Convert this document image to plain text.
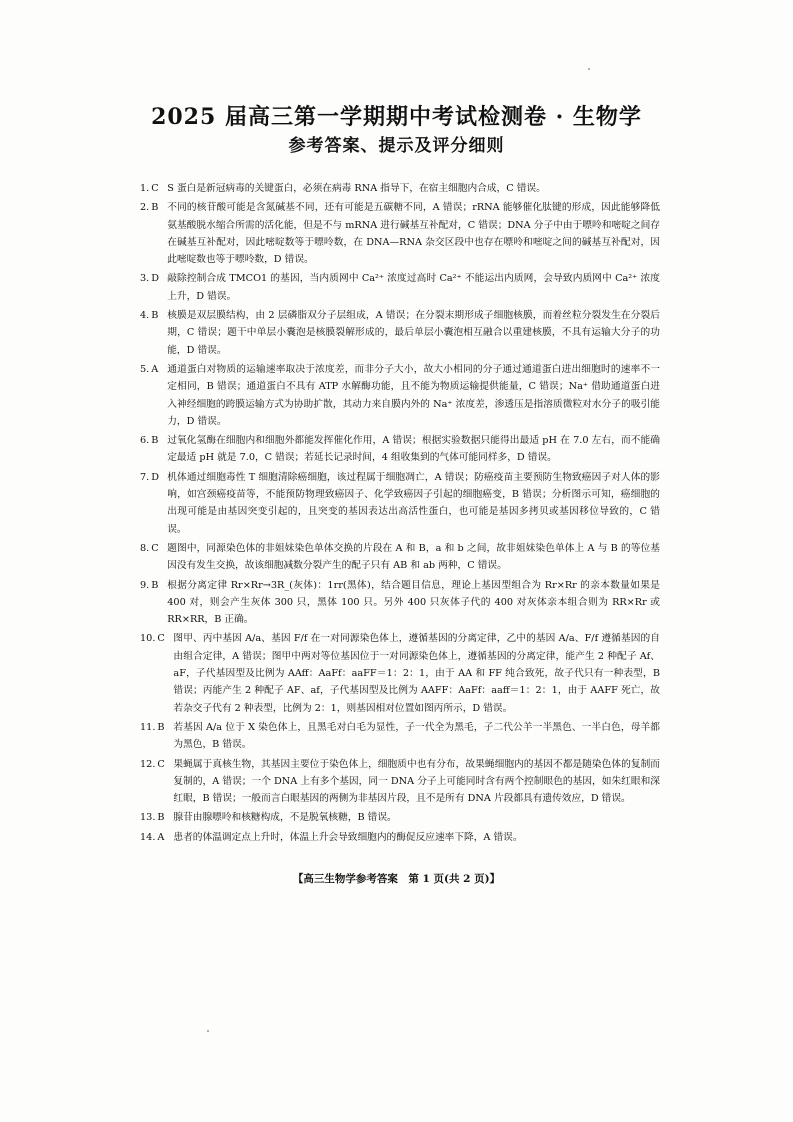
2025 届高三第一学期期中考试检测卷 · 生物学
参考答案、提示及评分细则
1. C S 蛋白是新冠病毒的关键蛋白，必须在病毒 RNA 指导下，在宿主细胞内合成，C 错误。
2. B 不同的核苷酸可能是含氮碱基不同，还有可能是五碳糖不同，A 错误；rRNA 能够催化肽键的形成，因此能够降低氨基酸脱水缩合所需的活化能，但是不与 mRNA 进行碱基互补配对，C 错误；DNA 分子中由于嘌呤和嘧啶之间存在碱基互补配对，因此嘧啶数等于嘌呤数，在 DNA—RNA 杂交区段中也存在嘌呤和嘧啶之间的碱基互补配对，因此嘧啶数也等于嘌呤数，D 错误。
3. D 敲除控制合成 TMCO1 的基因，当内质网中 Ca²⁺ 浓度过高时 Ca²⁺ 不能运出内质网，会导致内质网中 Ca²⁺ 浓度上升，D 错误。
4. B 核膜是双层膜结构，由 2 层磷脂双分子层组成，A 错误；在分裂末期形成子细胞核膜，而着丝粒分裂发生在分裂后期，C 错误；题干中单层小囊泡是核膜裂解形成的，最后单层小囊泡相互融合以重建核膜，不具有运输大分子的功能，D 错误。
5. A 通道蛋白对物质的运输速率取决于浓度差，而非分子大小，故大小相同的分子通过通道蛋白进出细胞时的速率不一定相同，B 错误；通道蛋白不具有 ATP 水解酶功能，且不能为物质运输提供能量，C 错误；Na⁺ 借助通道蛋白进入神经细胞的跨膜运输方式为协助扩散，其动力来自膜内外的 Na⁺ 浓度差，渗透压是指溶质微粒对水分子的吸引能力，D 错误。
6. B 过氧化氢酶在细胞内和细胞外都能发挥催化作用，A 错误；根据实验数据只能得出最适 pH 在 7.0 左右，而不能确定最适 pH 就是 7.0，C 错误；若延长记录时间，4 组收集到的气体可能同样多，D 错误。
7. D 机体通过细胞毒性 T 细胞清除癌细胞，该过程属于细胞凋亡，A 错误；防癌疫苗主要预防生物致癌因子对人体的影响，如宫颈癌疫苗等，不能预防物理致癌因子、化学致癌因子引起的细胞癌变，B 错误；分析图示可知，癌细胞的出现可能是由基因突变引起的，且突变的基因表达出高活性蛋白，也可能是基因多拷贝或基因移位导致的，C 错误。
8. C 题图中，同源染色体的非姐妹染色单体交换的片段在 A 和 B，a 和 b 之间，故非姐妹染色单体上 A 与 B 的等位基因没有发生交换，故该细胞减数分裂产生的配子只有 AB 和 ab 两种，C 错误。
9. B 根据分离定律 Rr×Rr→3R_(灰体)：1rr(黑体)，结合题目信息，理论上基因型组合为 Rr×Rr 的亲本数量如果是 400 对，则会产生灰体 300 只，黑体 100 只。另外 400 只灰体子代的 400 对灰体亲本组合则为 RR×Rr 或 RR×RR，B 正确。
10. C 图甲、丙中基因 A/a、基因 F/f 在一对同源染色体上，遵循基因的分离定律，乙中的基因 A/a、F/f 遵循基因的自由组合定律，A 错误；图甲中两对等位基因位于一对同源染色体上，遵循基因的分离定律，能产生 2 种配子 Af、aF，子代基因型及比例为 AAff：AaFf：aaFF＝1：2：1，由于 AA 和 FF 纯合致死，故子代只有一种表型，B 错误；丙能产生 2 种配子 AF、af，子代基因型及比例为 AAFF：AaFf：aaff＝1：2：1，由于 AAFF 死亡，故若杂交子代有 2 种表型，比例为 2：1，则基因相对位置如图丙所示，D 错误。
11. B 若基因 A/a 位于 X 染色体上，且黑毛对白毛为显性，子一代全为黑毛，子二代公羊一半黑色、一半白色，母羊都为黑色，B 错误。
12. C 果蝇属于真核生物，其基因主要位于染色体上，细胞质中也有分布，故果蝇细胞内的基因不都是随染色体的复制而复制的，A 错误；一个 DNA 上有多个基因，同一 DNA 分子上可能同时含有两个控制眼色的基因，如朱红眼和深红眼，B 错误；一般而言白眼基因的两侧为非基因片段，且不是所有 DNA 片段都具有遗传效应，D 错误。
13. B 腺苷由腺嘌呤和核糖构成，不是脱氧核糖，B 错误。
14. A 患者的体温调定点上升时，体温上升会导致细胞内的酶促反应速率下降，A 错误。
【高三生物学参考答案　第 1 页(共 2 页)】
